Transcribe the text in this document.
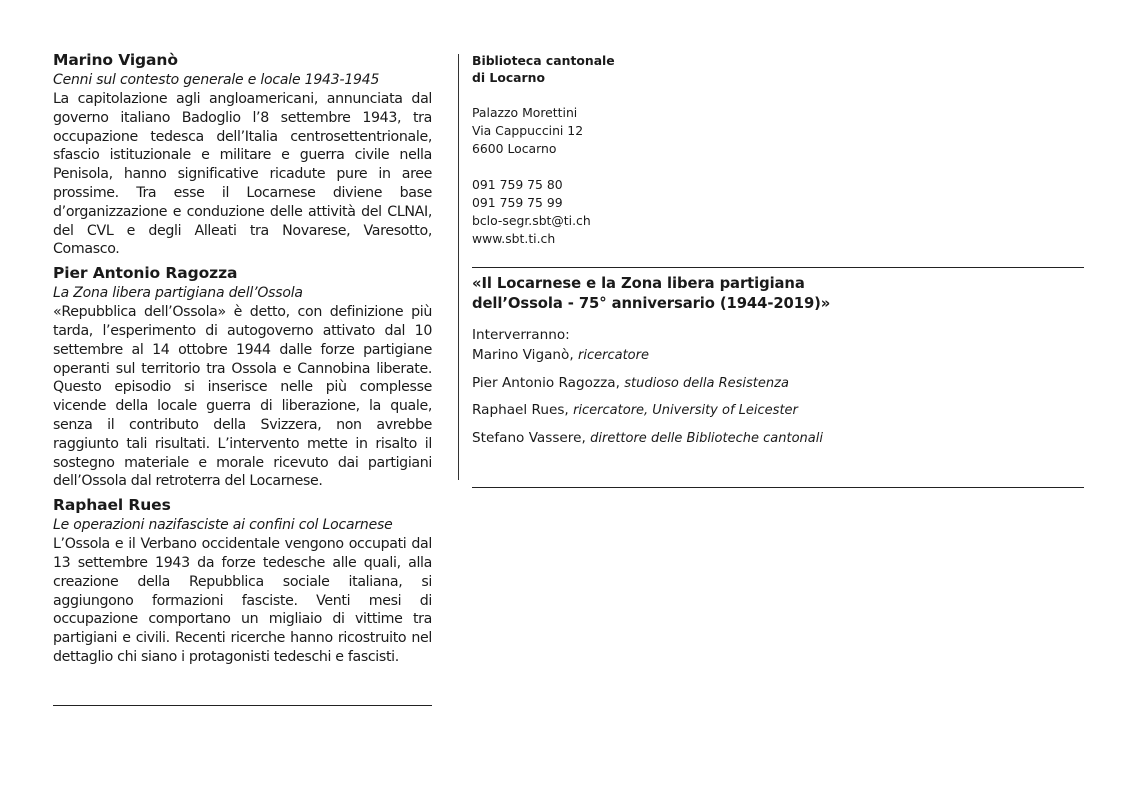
Marino Viganò

Cenni sul contesto generale e locale 1943-1945

La capitolazione agli angloamericani, annunciata dal governo italiano Badoglio l’8 settembre 1943, tra occupazione tedesca dell’Italia centrosettentrionale, sfascio istituzionale e militare e guerra civile nella Penisola, hanno significative ricadute pure in aree prossime. Tra esse il Locarnese diviene base d’organizzazione e conduzione delle attività del CLNAI, del CVL e degli Alleati tra Novarese, Varesotto, Comasco.

Pier Antonio Ragozza

La Zona libera partigiana dell’Ossola

«Repubblica dell’Ossola» è detto, con definizione più tarda, l’esperimento di autogoverno attivato dal 10 settembre al 14 ottobre 1944 dalle forze partigiane operanti sul territorio tra Ossola e Cannobina liberate. Questo episodio si inserisce nelle più complesse vicende della locale guerra di liberazione, la quale, senza il contributo della Svizzera, non avrebbe raggiunto tali risultati. L’intervento mette in risalto il sostegno materiale e morale ricevuto dai partigiani dell’Ossola dal retroterra del Locarnese.

Raphael Rues

Le operazioni nazifasciste ai confini col Locarnese

L’Ossola e il Verbano occidentale vengono occupati dal 13 settembre 1943 da forze tedesche alle quali, alla creazione della Repubblica sociale italiana, si aggiungono formazioni fasciste. Venti mesi di occupazione comportano un migliaio di vittime tra partigiani e civili. Recenti ricerche hanno ricostruito nel dettaglio chi siano i protagonisti tedeschi e fascisti.

Biblioteca cantonale

di Locarno

Palazzo Morettini

Via Cappuccini 12

6600 Locarno

091 759 75 80

091 759 75 99

bclo-segr.sbt@ti.ch

www.sbt.ti.ch

«Il Locarnese e la Zona libera partigiana

dell’Ossola - 75° anniversario (1944-2019)»

Interverranno:

Marino Viganò, ricercatore

Pier Antonio Ragozza, studioso della Resistenza

Raphael Rues, ricercatore, University of Leicester

Stefano Vassere, direttore delle Biblioteche cantonali
